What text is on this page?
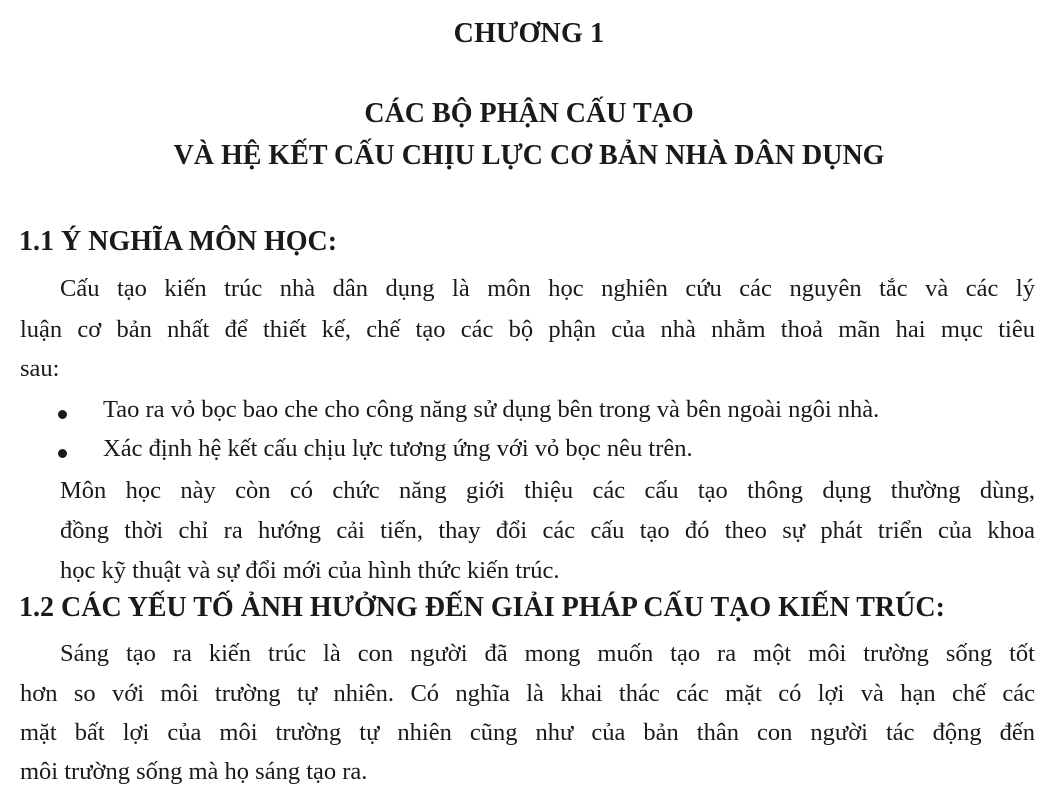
CHƯƠNG 1
CÁC BỘ PHẬN CẤU TẠO
VÀ HỆ KẾT CẤU CHỊU LỰC CƠ BẢN NHÀ DÂN DỤNG
1.1 Ý NGHĨA MÔN HỌC:
Cấu tạo kiến trúc nhà dân dụng là môn học nghiên cứu các nguyên tắc và các lý
luận cơ bản nhất để thiết kế, chế tạo các bộ phận của nhà nhằm thoả mãn hai mục tiêu
sau:
Tao ra vỏ bọc bao che cho công năng sử dụng bên trong và bên ngoài ngôi nhà.
Xác định hệ kết cấu chịu lực tương ứng với vỏ bọc nêu trên.
Môn học này còn có chức năng giới thiệu các cấu tạo thông dụng thường dùng,
đồng thời chỉ ra hướng cải tiến, thay đổi các cấu tạo đó theo sự phát triển của khoa
học kỹ thuật và sự đổi mới của hình thức kiến trúc.
1.2 CÁC YẾU TỐ ẢNH HƯỞNG ĐẾN GIẢI PHÁP CẤU TẠO KIẾN TRÚC:
Sáng tạo ra kiến trúc là con người đã mong muốn tạo ra một môi trường sống tốt
hơn so với môi trường tự nhiên. Có nghĩa là khai thác các mặt có lợi và hạn chế các
mặt bất lợi của môi trường tự nhiên cũng như của bản thân con người tác động đến
môi trường sống mà họ sáng tạo ra.
